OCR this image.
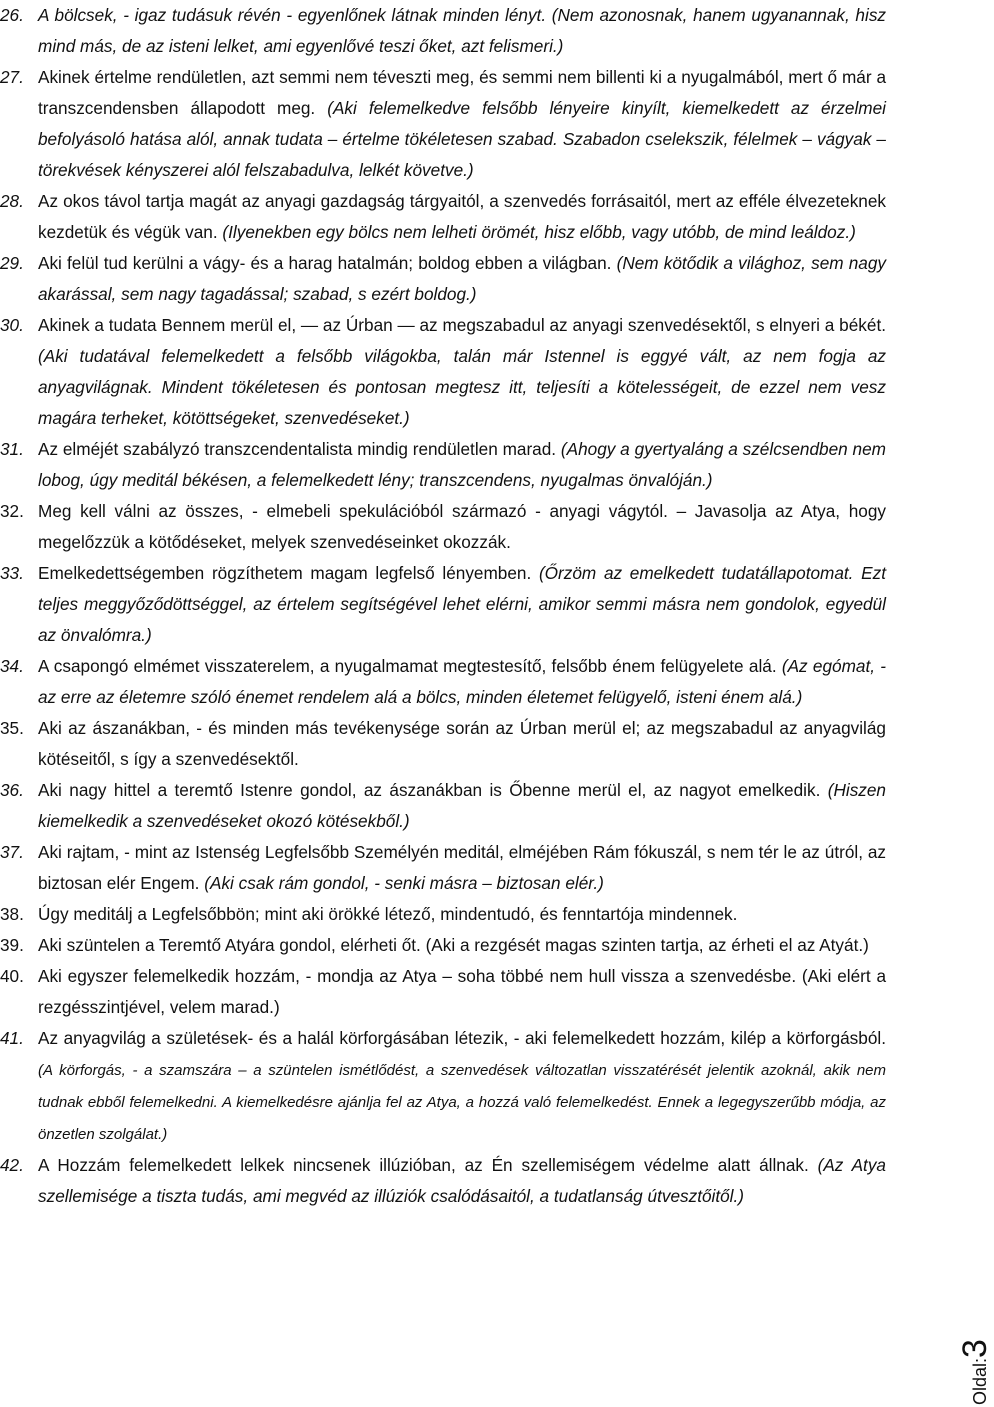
26. A bölcsek, - igaz tudásuk révén - egyenlőnek látnak minden lényt. (Nem azonosnak, hanem ugyanannak, hisz mind más, de az isteni lelket, ami egyenlővé teszi őket, azt felismeri.)
27. Akinek értelme rendületlen, azt semmi nem téveszti meg, és semmi nem billenti ki a nyugalmából, mert ő már a transzcendensben állapodott meg. (Aki felemelkedve felsőbb lényeire kinyílt, kiemelkedett az érzelmei befolyásoló hatása alól, annak tudata – értelme tökéletesen szabad. Szabadon cselekszik, félelmek – vágyak – törekvések kényszerei alól felszabadulva, lelkét követve.)
28. Az okos távol tartja magát az anyagi gazdagság tárgyaitól, a szenvedés forrásaitól, mert az efféle élvezeteknek kezdetük és végük van. (Ilyenekben egy bölcs nem lelheti örömét, hisz előbb, vagy utóbb, de mind leáldoz.)
29. Aki felül tud kerülni a vágy- és a harag hatalmán; boldog ebben a világban. (Nem kötődik a világhoz, sem nagy akarással, sem nagy tagadással; szabad, s ezért boldog.)
30. Akinek a tudata Bennem merül el, — az Úrban — az megszabadul az anyagi szenvedésektől, s elnyeri a békét. (Aki tudatával felemelkedett a felsőbb világokba, talán már Istennel is eggyé vált, az nem fogja az anyagvilágnak. Mindent tökéletesen és pontosan megtesz itt, teljesíti a kötelességeit, de ezzel nem vesz magára terheket, kötöttségeket, szenvedéseket.)
31. Az elméjét szabályzó transzcendentalista mindig rendületlen marad. (Ahogy a gyertyaláng a szélcsendben nem lobog, úgy meditál békésen, a felemelkedett lény; transzcendens, nyugalmas önvalóján.)
32. Meg kell válni az összes, - elmebeli spekulációból származó - anyagi vágytól. – Javasolja az Atya, hogy megelőzzük a kötődéseket, melyek szenvedéseinket okozzák.
33. Emelkedettségemben rögzíthetem magam legfelső lényemben. (Őrzöm az emelkedett tudatállapotomat. Ezt teljes meggyőződöttséggel, az értelem segítségével lehet elérni, amikor semmi másra nem gondolok, egyedül az önvalómra.)
34. A csapongó elmémet visszaterelem, a nyugalmamat megtestesítő, felsőbb énem felügyelete alá. (Az egómat, - az erre az életemre szóló énemet rendelem alá a bölcs, minden életemet felügyelő, isteni énem alá.)
35. Aki az ászanákban, - és minden más tevékenysége során az Úrban merül el; az megszabadul az anyagvilág kötéseitől, s így a szenvedésektől.
36. Aki nagy hittel a teremtő Istenre gondol, az ászanákban is Őbenne merül el, az nagyot emelkedik. (Hiszen kiemelkedik a szenvedéseket okozó kötésekből.)
37. Aki rajtam, - mint az Istenség Legfelsőbb Személyén meditál, elméjében Rám fókuszál, s nem tér le az útról, az biztosan elér Engem. (Aki csak rám gondol, - senki másra – biztosan elér.)
38. Úgy meditálj a Legfelsőbbön; mint aki örökké létező, mindentudó, és fenntartója mindennek.
39. Aki szüntelen a Teremtő Atyára gondol, elérheti őt. (Aki a rezgését magas szinten tartja, az érheti el az Atyát.)
40. Aki egyszer felemelkedik hozzám, - mondja az Atya – soha többé nem hull vissza a szenvedésbe. (Aki elért a rezgésszintjével, velem marad.)
41. Az anyagvilág a születések- és a halál körforgásában létezik, - aki felemelkedett hozzám, kilép a körforgásból. (A körforgás, - a szamszára – a szüntelen ismétlődést, a szenvedések változatlan visszatérését jelentik azoknál, akik nem tudnak ebből felemelkedni. A kiemelkedésre ajánlja fel az Atya, a hozzá való felemelkedést. Ennek a legegyszerűbb módja, az önzetlen szolgálat.)
42. A Hozzám felemelkedett lelkek nincsenek illúzióban, az Én szellemiségem védelme alatt állnak. (Az Atya szellemisége a tiszta tudás, ami megvéd az illúziók csalódásaitól, a tudatlanság útvesztőitől.)
Oldal:3
